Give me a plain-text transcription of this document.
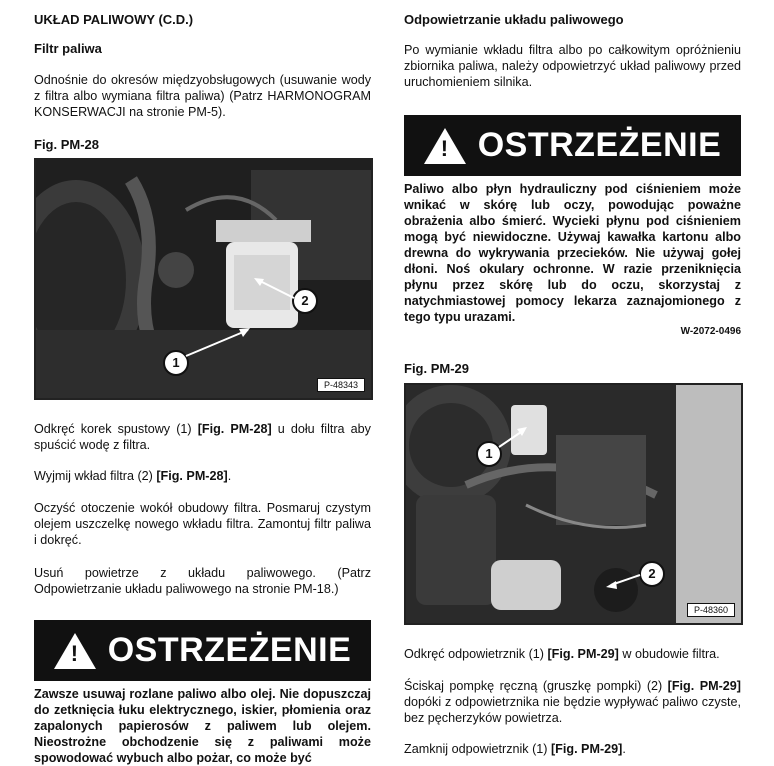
UKŁAD PALIWOWY (C.D.)
Filtr paliwa

Odnośnie do okresów międzyobsługowych (usuwanie wody z filtra albo wymiana filtra paliwa) (Patrz HARMONOGRAM KONSERWACJI na stronie PM-5).

Fig. PM-28
1
2
P-48343

Odkręć korek spustowy (1) [Fig. PM-28] u dołu filtra aby spuścić wodę z filtra.

Wyjmij wkład filtra (2) [Fig. PM-28].

Oczyść otoczenie wokół obudowy filtra. Posmaruj czystym olejem uszczelkę nowego wkładu filtra. Zamontuj filtr paliwa i dokręć.

Usuń powietrze z układu paliwowego. (Patrz Odpowietrzanie układu paliwowego na stronie PM-18.)

! OSTRZEŻENIE

Zawsze usuwaj rozlane paliwo albo olej. Nie dopuszczaj do zetknięcia łuku elektrycznego, iskier, płomienia oraz zapalonych papierosów z paliwem lub olejem. Nieostrożne obchodzenie się z paliwami może spowodować wybuch albo pożar, co może być

Odpowietrzanie układu paliwowego

Po wymianie wkładu filtra albo po całkowitym opróżnieniu zbiornika paliwa, należy odpowietrzyć układ paliwowy przed uruchomieniem silnika.

! OSTRZEŻENIE

Paliwo albo płyn hydrauliczny pod ciśnieniem może wnikać w skórę lub oczy, powodując poważne obrażenia albo śmierć. Wycieki płynu pod ciśnieniem mogą być niewidoczne. Używaj kawałka kartonu albo drewna do wykrywania przecieków. Nie używaj gołej dłoni. Noś okulary ochronne. W razie przeniknięcia płynu przez skórę lub do oczu, skorzystaj z natychmiastowej pomocy lekarza zaznajomionego z tego typu urazami.

W-2072-0496
Fig. PM-29
1
2
P-48360

Odkręć odpowietrznik (1) [Fig. PM-29] w obudowie filtra.

Ściskaj pompkę ręczną (gruszkę pompki) (2) [Fig. PM-29] dopóki z odpowietrznika nie będzie wypływać paliwo czyste, bez pęcherzyków powietrza.

Zamknij odpowietrznik (1) [Fig. PM-29].
